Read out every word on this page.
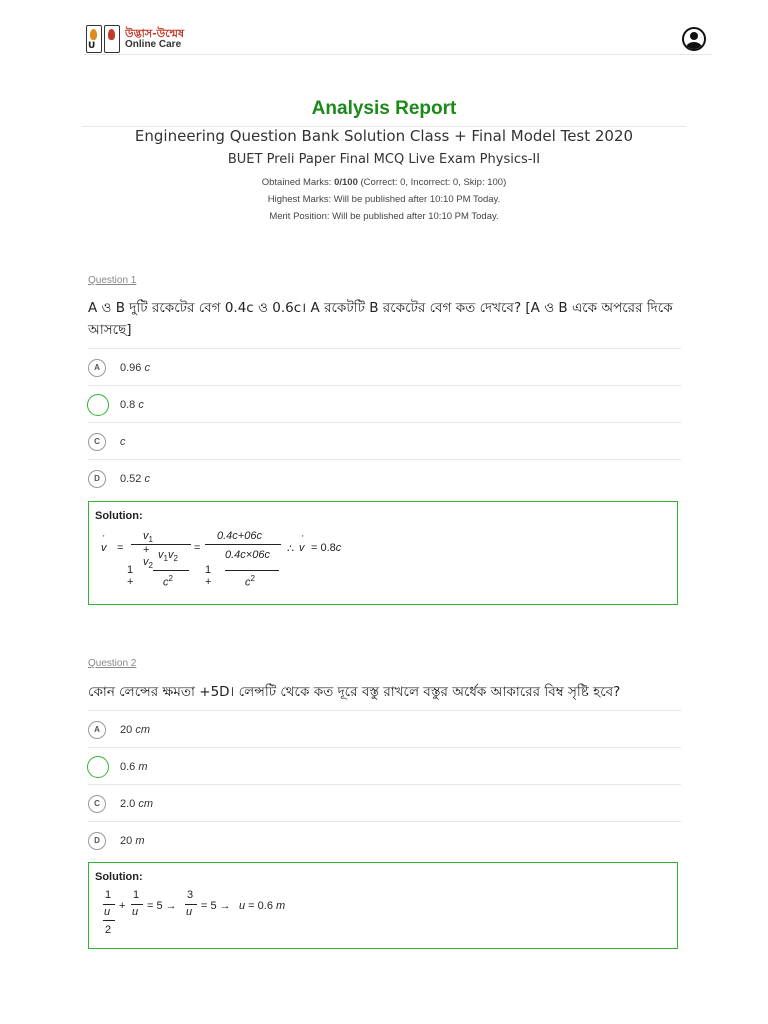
U
উদ্ভাস-উন্মেষ
Online Care
Analysis Report
Engineering Question Bank Solution Class + Final Model Test 2020
BUET Preli Paper Final MCQ Live Exam Physics-II
Obtained Marks: 0/100 (Correct: 0, Incorrect: 0, Skip: 100)
Highest Marks: Will be published after 10:10 PM Today.
Merit Position: Will be published after 10:10 PM Today.
Question 1
A ও B দুটি রকেটের বেগ 0.4c ও 0.6c। A রকেটটি B রকেটের বেগ কত দেখবে? [A ও B একে অপরের দিকে আসছে]
A	0.96 c
0.8 c
C	c
D	0.52 c
Solution:
'
v =
$v_1 + v_2$
$v_1v_2$
1 +	$c^2$
=
0.4c+06c
1 +
0.4c×06c
$c^2$
∴
'
v = 0.8c
Question 2
কোন লেন্সের ক্ষমতা +5D। লেন্সটি থেকে কত দূরে বস্তু রাখলে বস্তুর অর্ধেক আকারের বিম্ব সৃষ্টি হবে?
A	20 cm
0.6 m
C	2.0 cm
D	20 m
Solution:
1
u
2
+
1
u = 5 →
3
u = 5 → u = 0.6 m
